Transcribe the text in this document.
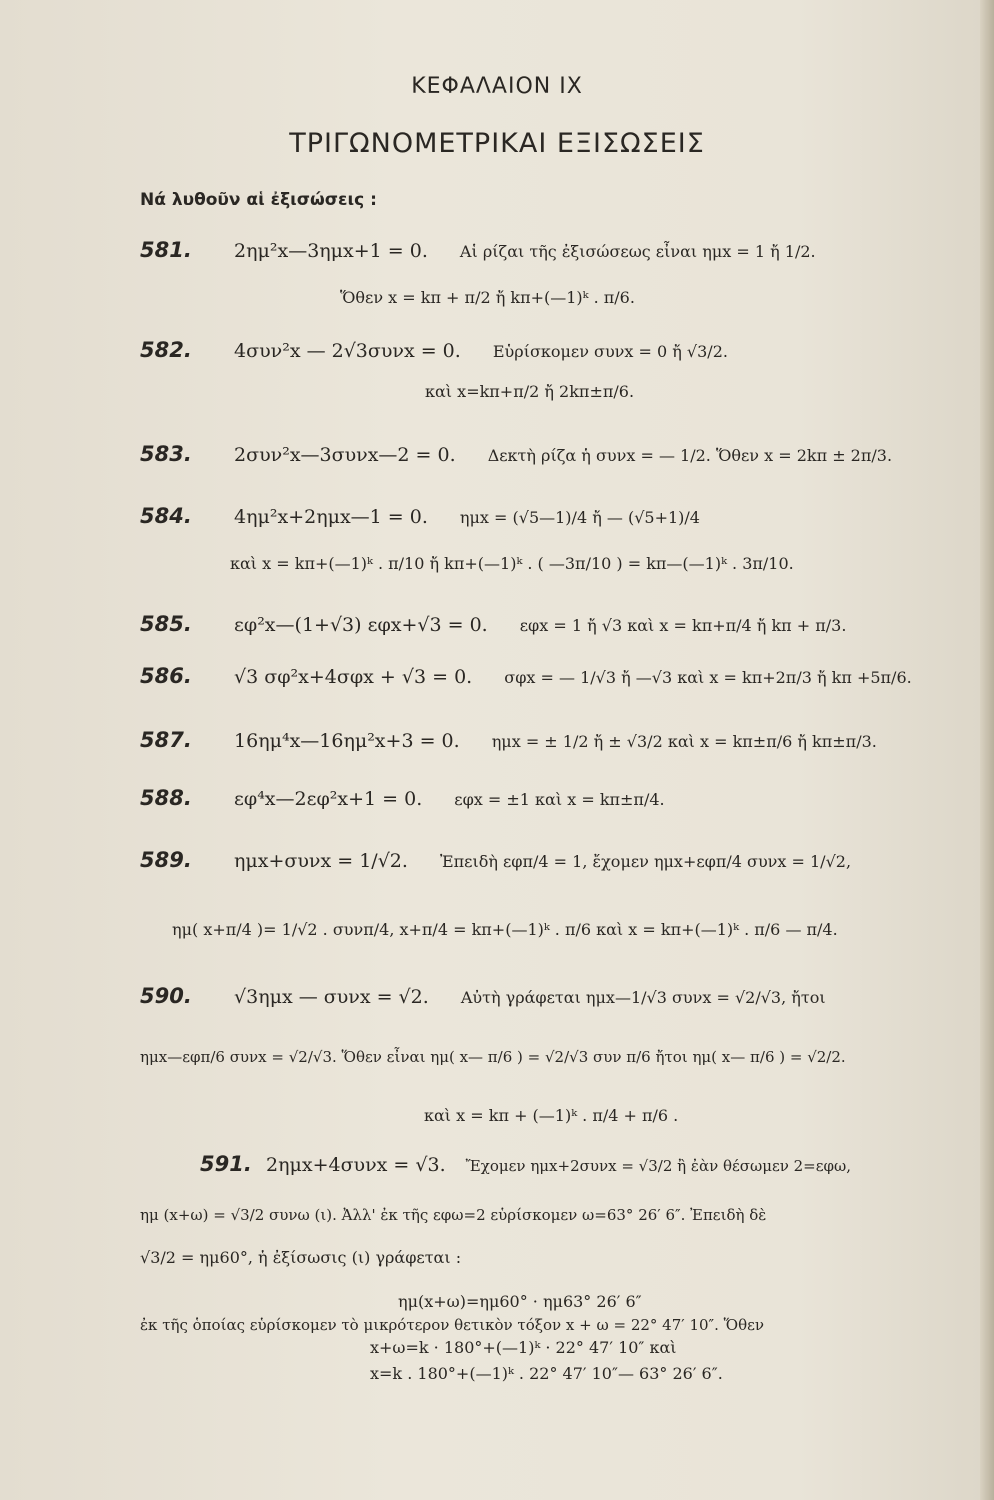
ΚΕΦΑΛΑΙΟΝ IX
ΤΡΙΓΩΝΟΜΕΤΡΙΚΑΙ ΕΞΙΣΩΣΕΙΣ
Νά λυθοῦν αἱ ἐξισώσεις :
581. 2ημ²x—3ημx+1 = 0. Αἱ ρίζαι τῆς ἐξισώσεως εἶναι ημx = 1 ἤ 1/2.
Ὅθεν x = kπ + π/2 ἤ kπ+(—1)ᵏ . π/6.
582. 4συν²x — 2√3συνx = 0. Εὑρίσκομεν συνx = 0 ἤ √3/2.
καὶ x=kπ+π/2 ἤ 2kπ±π/6.
583. 2συν²x—3συνx—2 = 0. Δεκτὴ ρίζα ἡ συνx = — 1/2. Ὅθεν x = 2kπ ± 2π/3.
584. 4ημ²x+2ημx—1 = 0. ημx = (√5—1)/4 ἤ — (√5+1)/4
καὶ x = kπ+(—1)ᵏ . π/10 ἤ kπ+(—1)ᵏ . ( —3π/10 ) = kπ—(—1)ᵏ . 3π/10.
585. εφ²x—(1+√3) εφx+√3 = 0. εφx = 1 ἤ √3 καὶ x = kπ+π/4 ἤ kπ + π/3.
586. √3 σφ²x+4σφx + √3 = 0. σφx = — 1/√3 ἤ —√3 καὶ x = kπ+2π/3 ἤ kπ +5π/6.
587. 16ημ⁴x—16ημ²x+3 = 0. ημx = ± 1/2 ἤ ± √3/2 καὶ x = kπ±π/6 ἤ kπ±π/3.
588. εφ⁴x—2εφ²x+1 = 0. εφx = ±1 καὶ x = kπ±π/4.
589. ημx+συνx = 1/√2. Ἐπειδὴ εφπ/4 = 1, ἔχομεν ημx+εφπ/4 συνx = 1/√2,
ημ( x+π/4 )= 1/√2 . συνπ/4, x+π/4 = kπ+(—1)ᵏ . π/6 καὶ x = kπ+(—1)ᵏ . π/6 — π/4.
590. √3ημx — συνx = √2. Αὐτὴ γράφεται ημx—1/√3 συνx = √2/√3, ἤτοι
ημx—εφπ/6 συνx = √2/√3. Ὅθεν εἶναι ημ( x— π/6 ) = √2/√3 συν π/6 ἤτοι ημ( x— π/6 ) = √2/2.
καὶ x = kπ + (—1)ᵏ . π/4 + π/6 .
591. 2ημx+4συνx = √3. Ἔχομεν ημx+2συνx = √3/2 ἢ ἐὰν θέσωμεν 2=εφω,
ημ (x+ω) = √3/2 συνω (ι). Ἀλλ' ἐκ τῆς εφω=2 εὑρίσκομεν ω=63° 26′ 6″. Ἐπειδὴ δὲ
√3/2 = ημ60°, ἡ ἐξίσωσις (ι) γράφεται :
ημ(x+ω)=ημ60° · ημ63° 26′ 6″
ἐκ τῆς ὁποίας εὑρίσκομεν τὸ μικρότερον θετικὸν τόξον x + ω = 22° 47′ 10″. Ὅθεν
x+ω=k · 180°+(—1)ᵏ · 22° 47′ 10″ καὶ
x=k . 180°+(—1)ᵏ . 22° 47′ 10″— 63° 26′ 6″.
